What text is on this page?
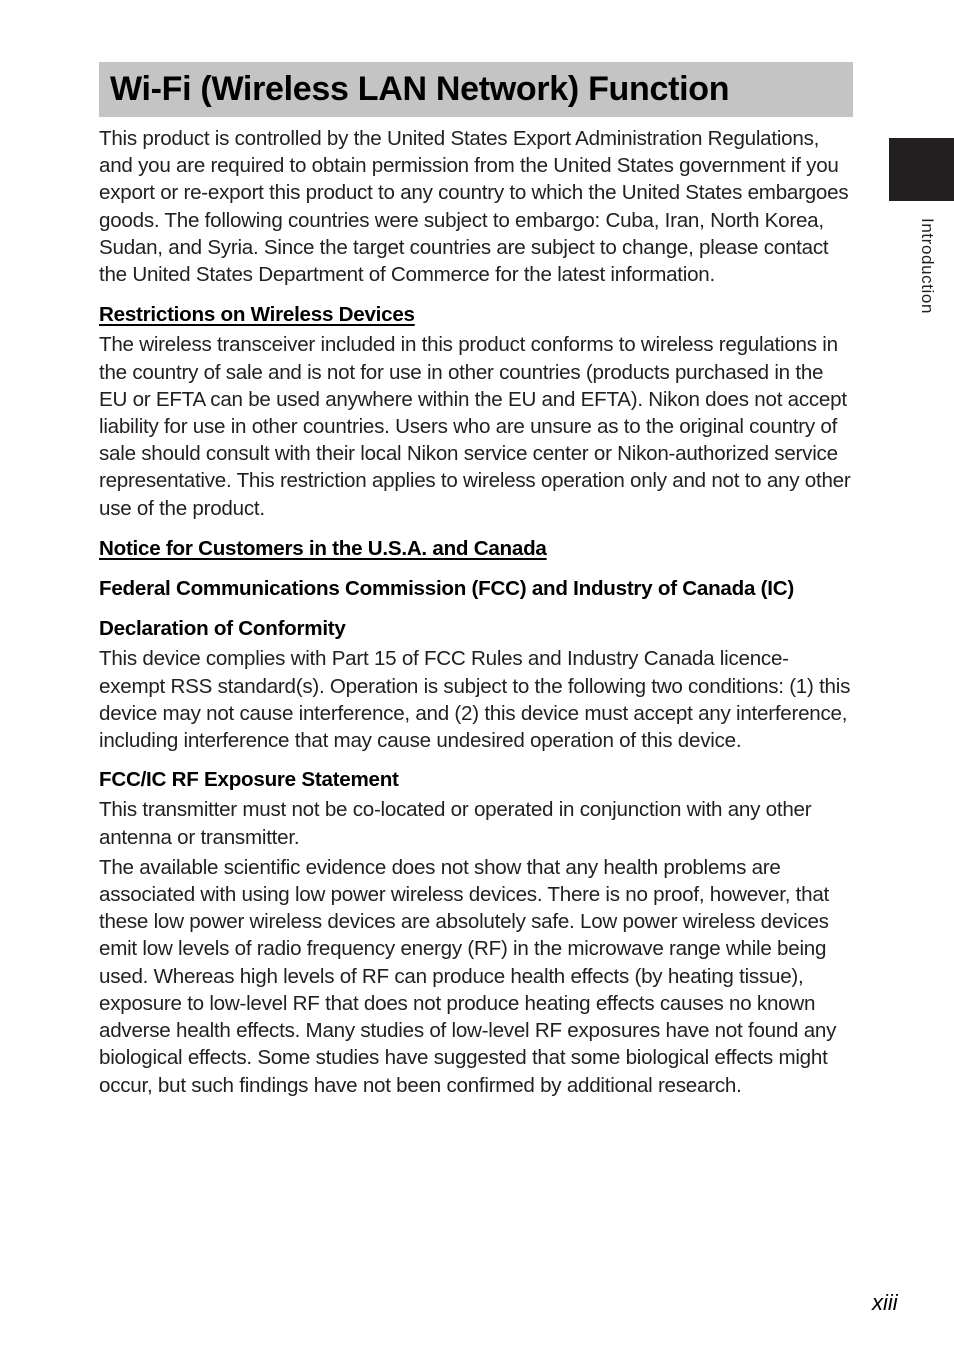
Wi-Fi (Wireless LAN Network) Function
Introduction

This product is controlled by the United States Export Administration Regulations, and you are required to obtain permission from the United States government if you export or re-export this product to any country to which the United States embargoes goods. The following countries were subject to embargo: Cuba, Iran, North Korea, Sudan, and Syria. Since the target countries are subject to change, please contact the United States Department of Commerce for the latest information.

Restrictions on Wireless Devices

The wireless transceiver included in this product conforms to wireless regulations in the country of sale and is not for use in other countries (products purchased in the EU or EFTA can be used anywhere within the EU and EFTA). Nikon does not accept liability for use in other countries. Users who are unsure as to the original country of sale should consult with their local Nikon service center or Nikon-authorized service representative. This restriction applies to wireless operation only and not to any other use of the product.

Notice for Customers in the U.S.A. and Canada
Federal Communications Commission (FCC) and Industry of Canada (IC)
Declaration of Conformity

This device complies with Part 15 of FCC Rules and Industry Canada licence-exempt RSS standard(s). Operation is subject to the following two conditions: (1) this device may not cause interference, and (2) this device must accept any interference, including interference that may cause undesired operation of this device.

FCC/IC RF Exposure Statement

This transmitter must not be co-located or operated in conjunction with any other antenna or transmitter.

The available scientific evidence does not show that any health problems are associated with using low power wireless devices. There is no proof, however, that these low power wireless devices are absolutely safe. Low power wireless devices emit low levels of radio frequency energy (RF) in the microwave range while being used. Whereas high levels of RF can produce health effects (by heating tissue), exposure to low-level RF that does not produce heating effects causes no known adverse health effects. Many studies of low-level RF exposures have not found any biological effects. Some studies have suggested that some biological effects might occur, but such findings have not been confirmed by additional research.

xiii
